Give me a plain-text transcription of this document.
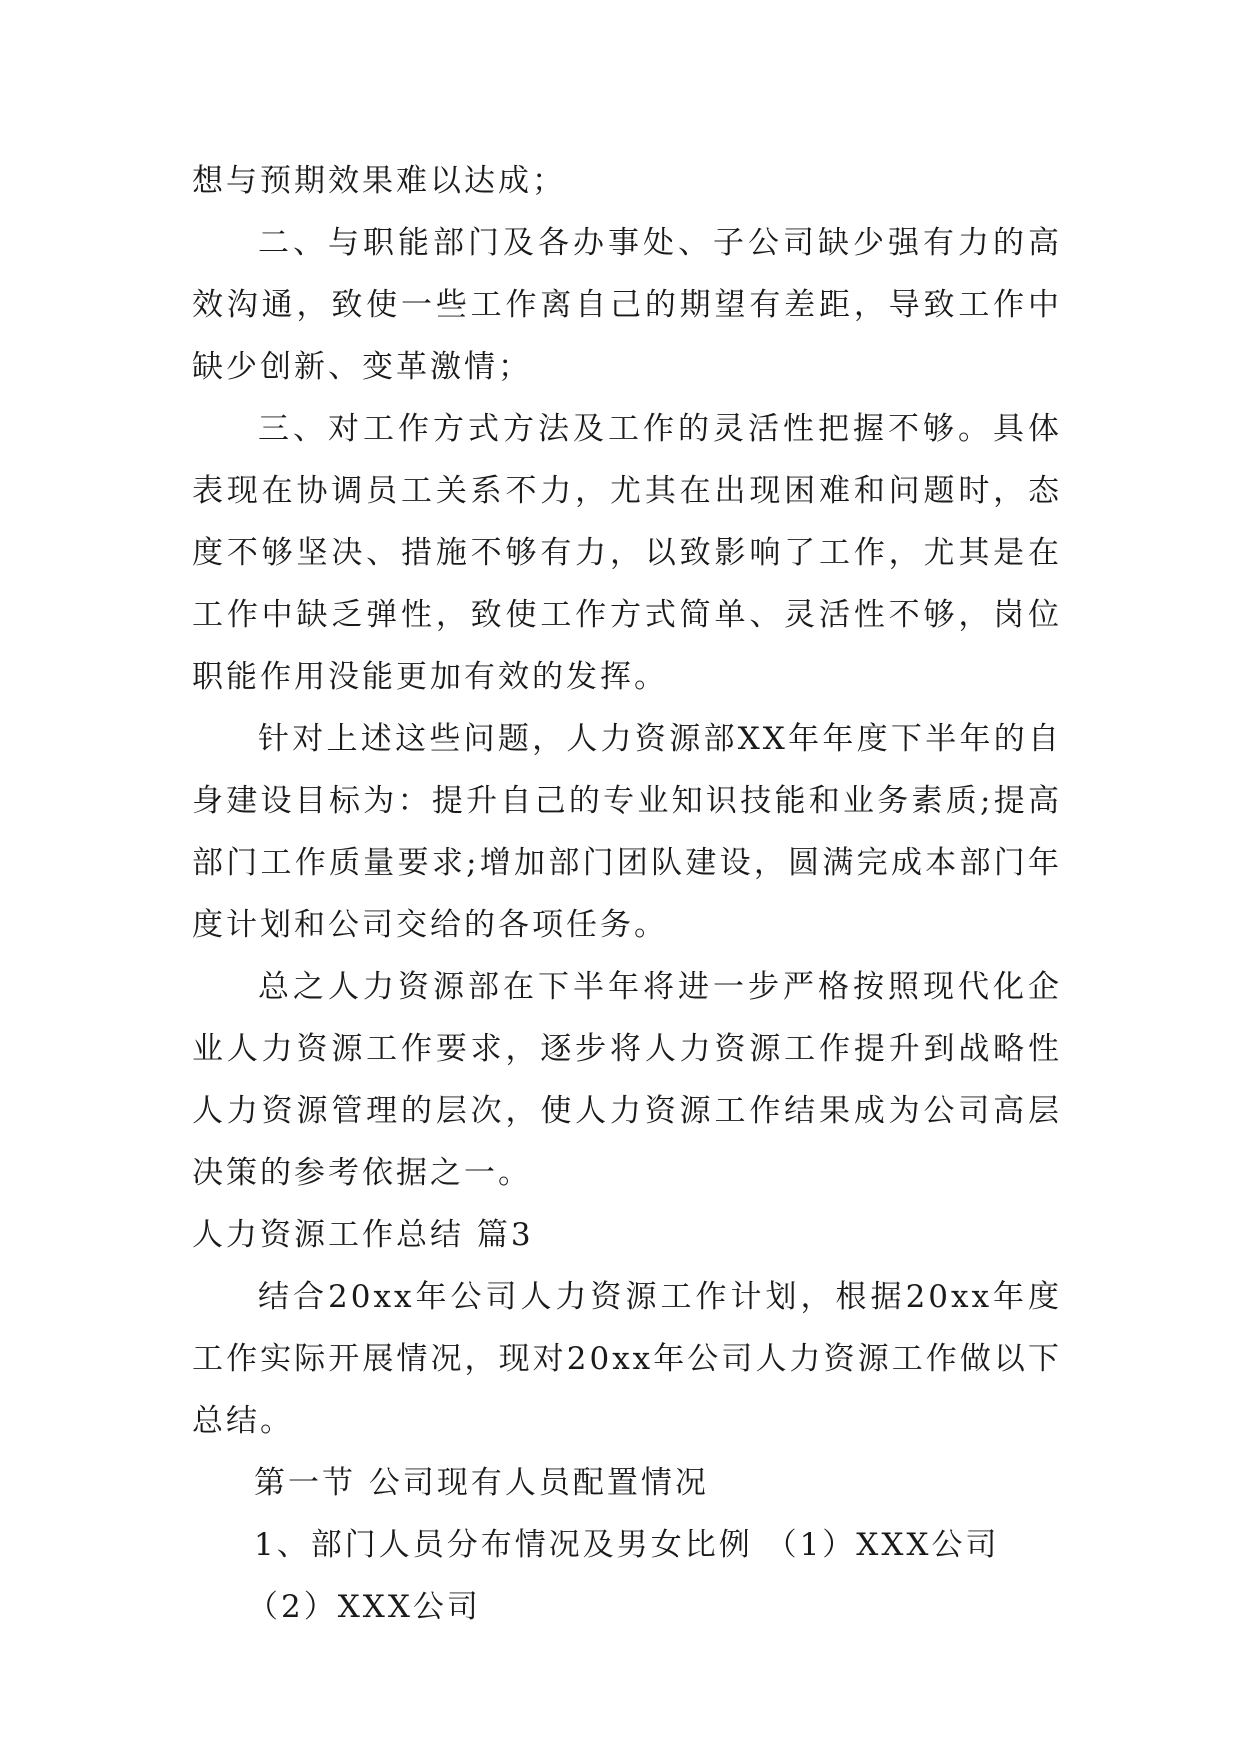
想与预期效果难以达成；

二、与职能部门及各办事处、子公司缺少强有力的高效沟通，致使一些工作离自己的期望有差距，导致工作中缺少创新、变革激情；

三、对工作方式方法及工作的灵活性把握不够。具体表现在协调员工关系不力，尤其在出现困难和问题时，态度不够坚决、措施不够有力，以致影响了工作，尤其是在工作中缺乏弹性，致使工作方式简单、灵活性不够，岗位职能作用没能更加有效的发挥。

针对上述这些问题，人力资源部XX年年度下半年的自身建设目标为：提升自己的专业知识技能和业务素质;提高部门工作质量要求;增加部门团队建设，圆满完成本部门年度计划和公司交给的各项任务。

总之人力资源部在下半年将进一步严格按照现代化企业人力资源工作要求，逐步将人力资源工作提升到战略性人力资源管理的层次，使人力资源工作结果成为公司高层决策的参考依据之一。

人力资源工作总结 篇3

结合20xx年公司人力资源工作计划，根据20xx年度工作实际开展情况，现对20xx年公司人力资源工作做以下总结。

第一节 公司现有人员配置情况

1、部门人员分布情况及男女比例 （1）XXX公司

（2）XXX公司
